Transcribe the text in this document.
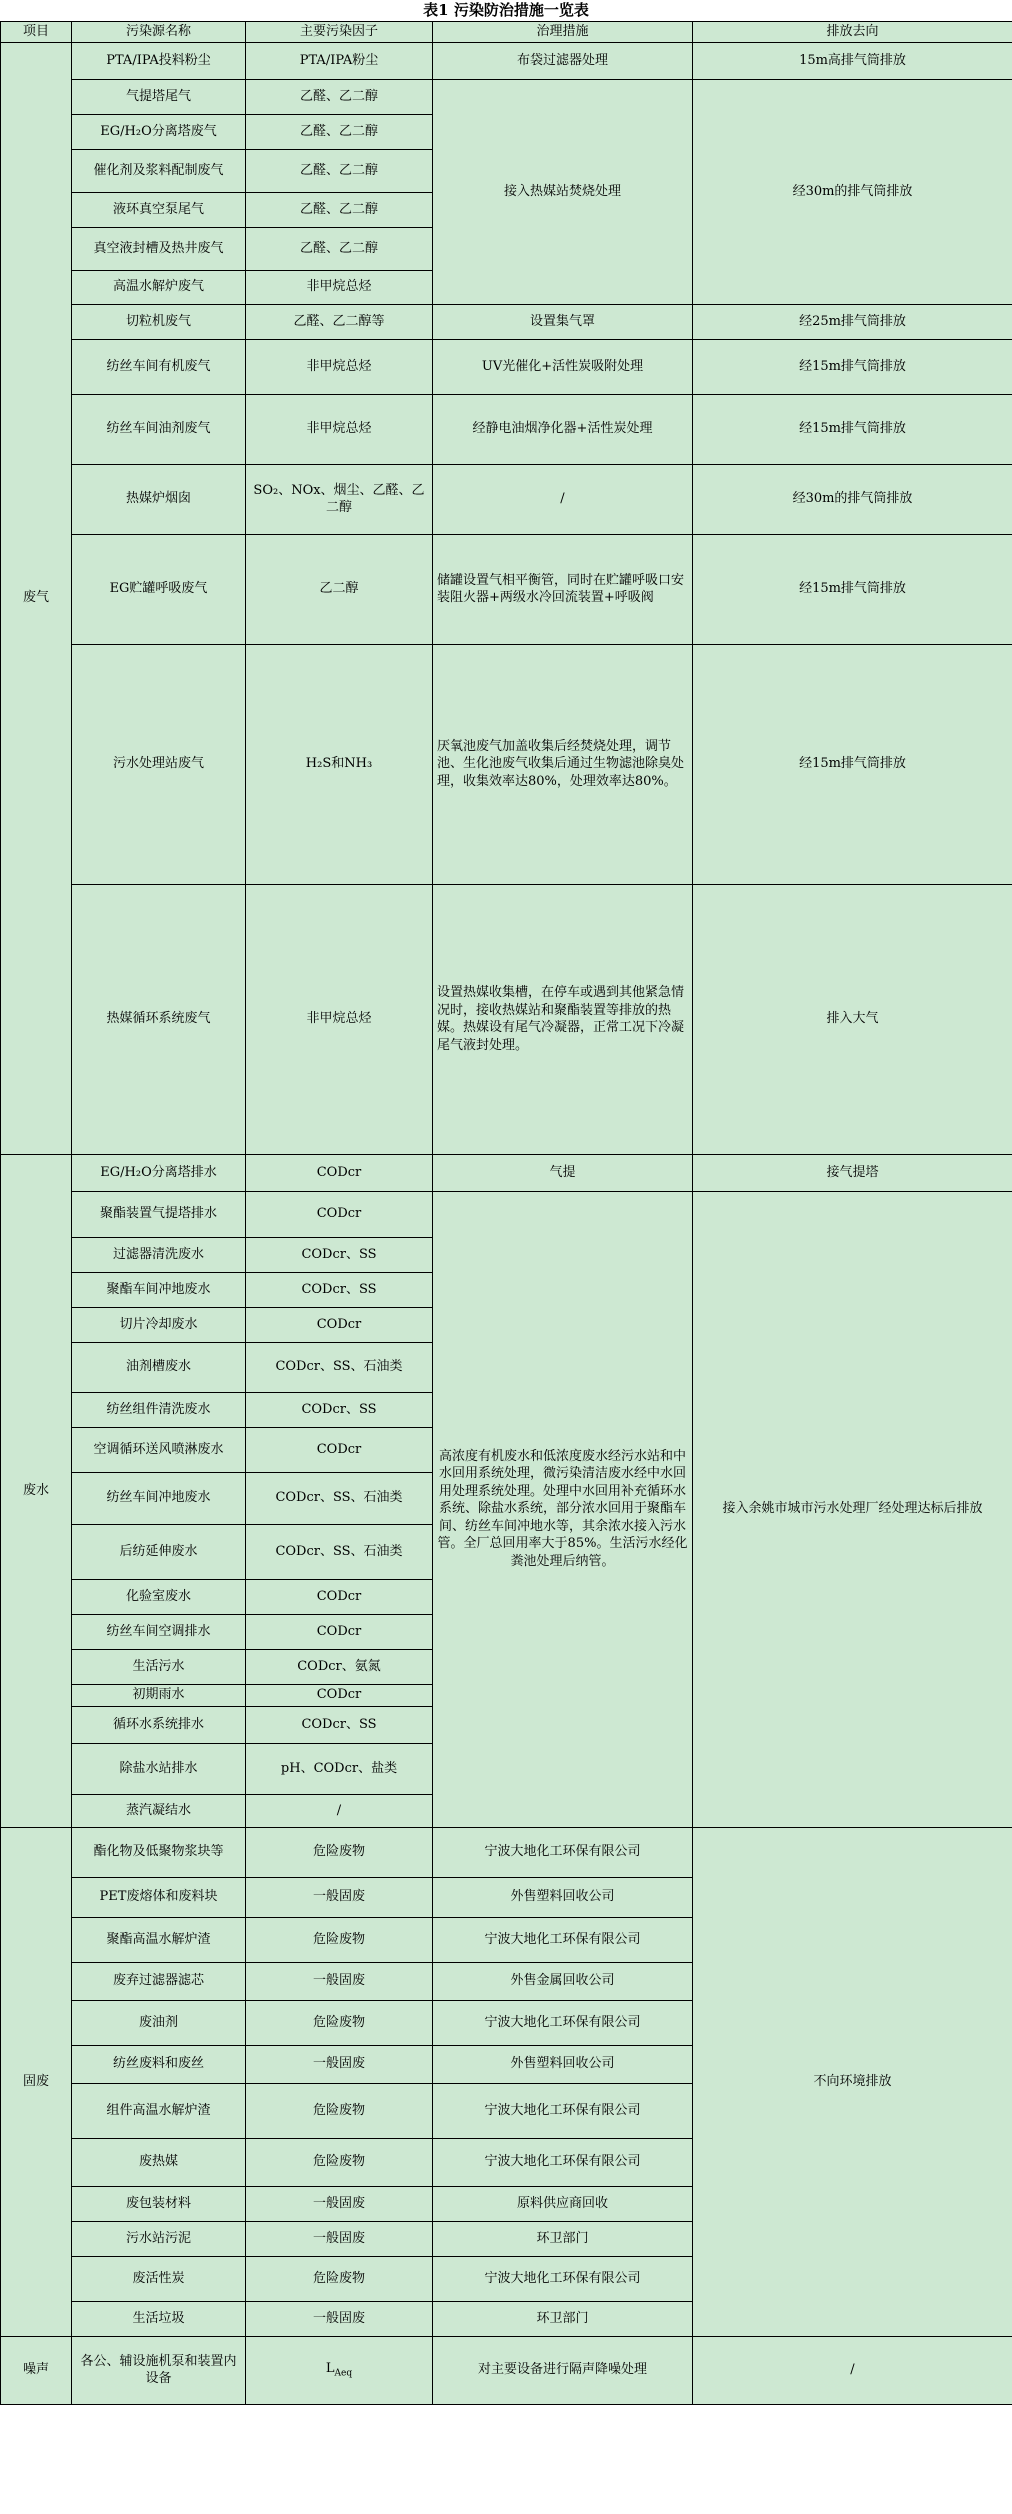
表1 污染防治措施一览表
项目	污染源名称	主要污染因子	治理措施	排放去向
废气	PTA/IPA投料粉尘	PTA/IPA粉尘	布袋过滤器处理	15m高排气筒排放
	气提塔尾气	乙醛、乙二醇	接入热媒站焚烧处理	经30m的排气筒排放
	EG/H₂O分离塔废气	乙醛、乙二醇		
	催化剂及浆料配制废气	乙醛、乙二醇		
	液环真空泵尾气	乙醛、乙二醇		
	真空液封槽及热井废气	乙醛、乙二醇		
	高温水解炉废气	非甲烷总烃		
	切粒机废气	乙醛、乙二醇等	设置集气罩	经25m排气筒排放
	纺丝车间有机废气	非甲烷总烃	UV光催化+活性炭吸附处理	经15m排气筒排放
	纺丝车间油剂废气	非甲烷总烃	经静电油烟净化器+活性炭处理	经15m排气筒排放
	热媒炉烟囱	SO₂、NOx、烟尘、乙醛、乙二醇	/	经30m的排气筒排放
	EG贮罐呼吸废气	乙二醇	储罐设置气相平衡管，同时在贮罐呼吸口安装阻火器+两级水冷回流装置+呼吸阀	经15m排气筒排放
	污水处理站废气	H₂S和NH₃	厌氧池废气加盖收集后经焚烧处理，调节池、生化池废气收集后通过生物滤池除臭处理，收集效率达80%，处理效率达80%。	经15m排气筒排放
	热媒循环系统废气	非甲烷总烃	设置热媒收集槽，在停车或遇到其他紧急情况时，接收热媒站和聚酯装置等排放的热媒。热媒设有尾气冷凝器，正常工况下冷凝尾气液封处理。	排入大气
废水	EG/H₂O分离塔排水	CODcr	气提	接气提塔
	聚酯装置气提塔排水	CODcr	高浓度有机废水和低浓度废水经污水站和中水回用系统处理，微污染清洁废水经中水回用处理系统处理。处理中水回用补充循环水系统、除盐水系统，部分浓水回用于聚酯车间、纺丝车间冲地水等，其余浓水接入污水管。全厂总回用率大于85%。生活污水经化粪池处理后纳管。	接入余姚市城市污水处理厂经处理达标后排放
	过滤器清洗废水	CODcr、SS		
	聚酯车间冲地废水	CODcr、SS		
	切片冷却废水	CODcr		
	油剂槽废水	CODcr、SS、石油类		
	纺丝组件清洗废水	CODcr、SS		
	空调循环送风喷淋废水	CODcr		
	纺丝车间冲地废水	CODcr、SS、石油类		
	后纺延伸废水	CODcr、SS、石油类		
	化验室废水	CODcr		
	纺丝车间空调排水	CODcr		
	生活污水	CODcr、氨氮		
	初期雨水	CODcr		
	循环水系统排水	CODcr、SS		
	除盐水站排水	pH、CODcr、盐类		
	蒸汽凝结水	/		
固废	酯化物及低聚物浆块等	危险废物	宁波大地化工环保有限公司	不向环境排放
	PET废熔体和废料块	一般固废	外售塑料回收公司	
	聚酯高温水解炉渣	危险废物	宁波大地化工环保有限公司	
	废弃过滤器滤芯	一般固废	外售金属回收公司	
	废油剂	危险废物	宁波大地化工环保有限公司	
	纺丝废料和废丝	一般固废	外售塑料回收公司	
	组件高温水解炉渣	危险废物	宁波大地化工环保有限公司	
	废热媒	危险废物	宁波大地化工环保有限公司	
	废包装材料	一般固废	原料供应商回收	
	污水站污泥	一般固废	环卫部门	
	废活性炭	危险废物	宁波大地化工环保有限公司	
	生活垃圾	一般固废	环卫部门	
噪声	各公、辅设施机泵和装置内设备	$L_{Aeq}$	对主要设备进行隔声降噪处理	/
